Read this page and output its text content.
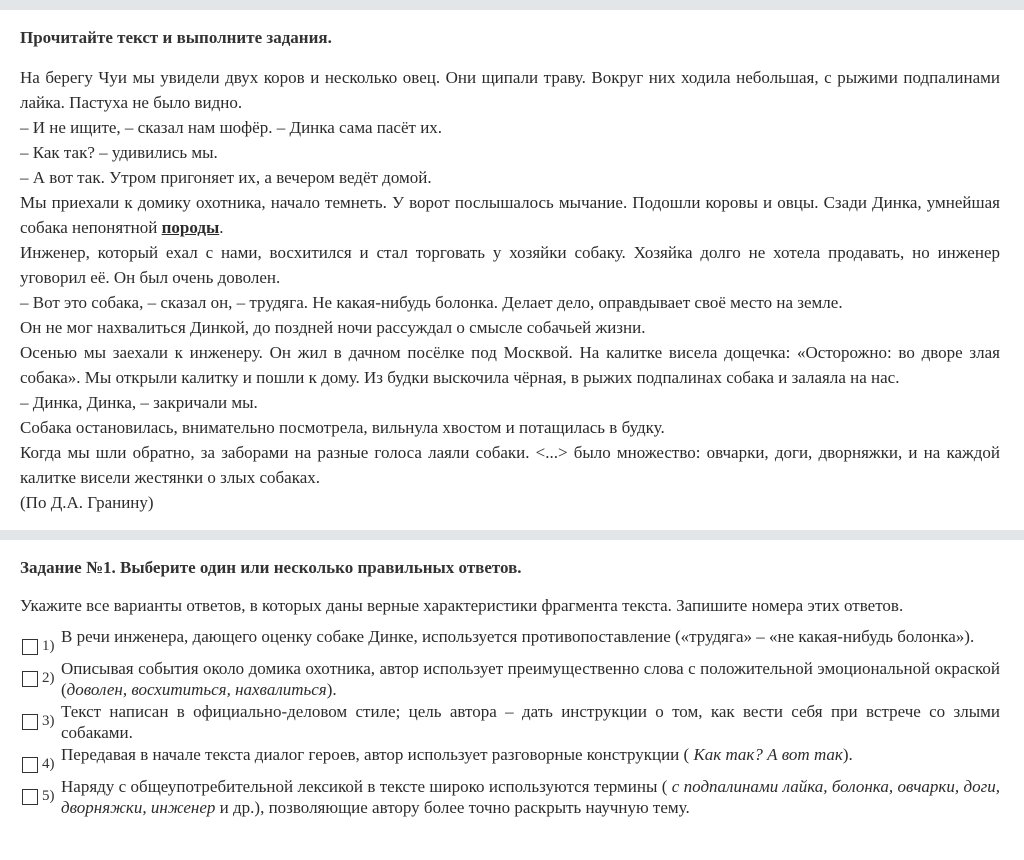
Прочитайте текст и выполните задания.

На берегу Чуи мы увидели двух коров и несколько овец. Они щипали траву. Вокруг них ходила небольшая, с рыжими подпалинами лайка. Пастуха не было видно.

– И не ищите, – сказал нам шофёр. – Динка сама пасёт их.

– Как так? – удивились мы.

– А вот так. Утром пригоняет их, а вечером ведёт домой.

Мы приехали к домику охотника, начало темнеть. У ворот послышалось мычание. Подошли коровы и овцы. Сзади Динка, умнейшая собака непонятной породы.

Инженер, который ехал с нами, восхитился и стал торговать у хозяйки собаку. Хозяйка долго не хотела продавать, но инженер уговорил её. Он был очень доволен.

– Вот это собака, – сказал он, – трудяга. Не какая-нибудь болонка. Делает дело, оправдывает своё место на земле.

Он не мог нахвалиться Динкой, до поздней ночи рассуждал о смысле собачьей жизни.

Осенью мы заехали к инженеру. Он жил в дачном посёлке под Москвой. На калитке висела дощечка: «Осторожно: во дворе злая собака». Мы открыли калитку и пошли к дому. Из будки выскочила чёрная, в рыжих подпалинах собака и залаяла на нас.

– Динка, Динка, – закричали мы.

Собака остановилась, внимательно посмотрела, вильнула хвостом и потащилась в будку.

Когда мы шли обратно, за заборами на разные голоса лаяли собаки. <...> было множество: овчарки, доги, дворняжки, и на каждой калитке висели жестянки о злых собаках.

(По Д.А. Гранину)

Задание №1. Выберите один или несколько правильных ответов.
Укажите все варианты ответов, в которых даны верные характеристики фрагмента текста. Запишите номера этих ответов.
1) В речи инженера, дающего оценку собаке Динке, используется противопоставление («трудяга» – «не какая-нибудь болонка»).
2) Описывая события около домика охотника, автор использует преимущественно слова с положительной эмоциональной окраской (доволен, восхититься, нахвалиться).
3) Текст написан в официально-деловом стиле; цель автора – дать инструкции о том, как вести себя при встрече со злыми собаками.
4) Передавая в начале текста диалог героев, автор использует разговорные конструкции ( Как так? А вот так).
5) Наряду с общеупотребительной лексикой в тексте широко используются термины ( с подпалинами лайка, болонка, овчарки, доги, дворняжки, инженер и др.), позволяющие автору более точно раскрыть научную тему.
